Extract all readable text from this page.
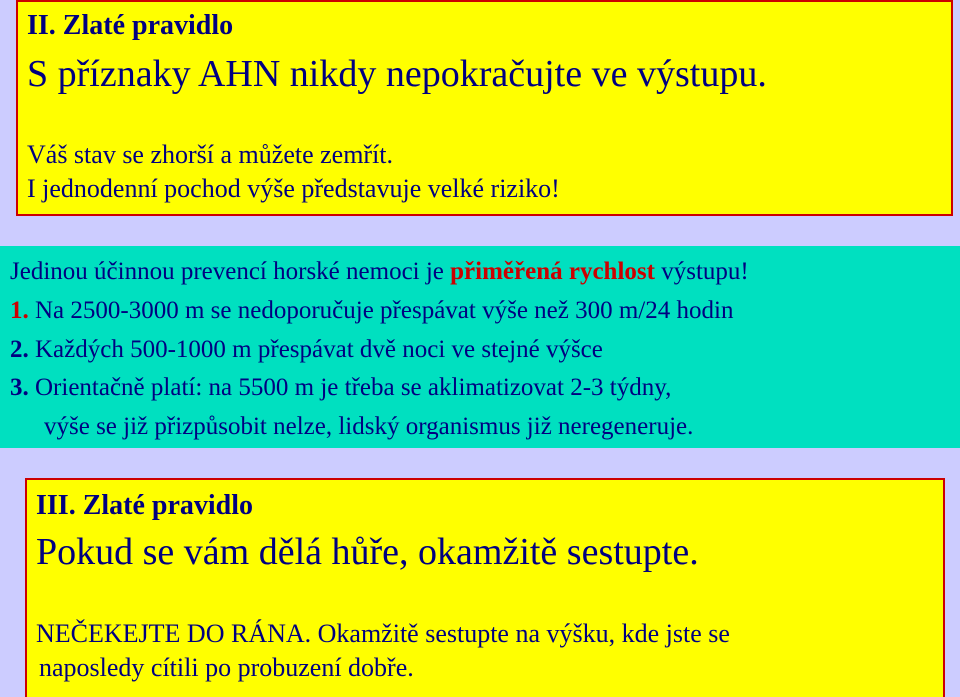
II. Zlaté pravidlo
S příznaky AHN nikdy nepokračujte ve výstupu.
Váš stav se zhorší a můžete zemřít.
I jednodenní pochod výše představuje velké riziko!
Jedinou účinnou prevencí horské nemoci je přiměřená rychlost výstupu!
1. Na 2500-3000 m se nedoporučuje přespávat výše než 300 m/24 hodin
2. Každých 500-1000 m přespávat dvě noci ve stejné výšce
3. Orientačně platí: na 5500 m je třeba se aklimatizovat 2-3 týdny,
výše se již přizpůsobit nelze, lidský organismus již neregeneruje.
III. Zlaté pravidlo
Pokud se vám dělá hůře, okamžitě sestupte.
NEČEKEJTE DO RÁNA. Okamžitě sestupte na výšku, kde jste se
naposledy cítili po probuzení dobře.
